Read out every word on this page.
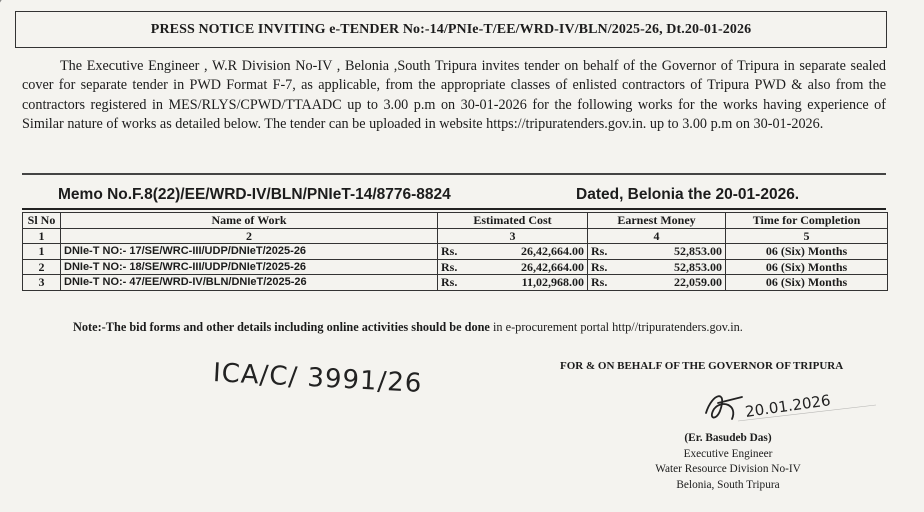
PRESS NOTICE INVITING e-TENDER No:-14/PNIe-T/EE/WRD-IV/BLN/2025-26, Dt.20-01-2026
The Executive Engineer , W.R Division No-IV , Belonia ,South Tripura invites tender on behalf of the Governor of Tripura in separate sealed cover for separate tender in PWD Format F-7, as applicable, from the appropriate classes of enlisted contractors of Tripura PWD & also from the contractors registered in MES/RLYS/CPWD/TTAADC up to 3.00 p.m on 30-01-2026 for the following works for the works having experience of Similar nature of works as detailed below. The tender can be uploaded in website https://tripuratenders.gov.in. up to 3.00 p.m on 30-01-2026.
Memo No.F.8(22)/EE/WRD-IV/BLN/PNIeT-14/8776-8824	Dated, Belonia the 20-01-2026.
Sl No	Name of Work	Estimated Cost		Earnest Money		Time for Completion
1	2	3		4		5
1	DNIe-T NO:- 17/SE/WRC-III/UDP/DNIeT/2025-26	Rs.	26,42,664.00	Rs.	52,853.00	06 (Six) Months
2	DNIe-T NO:- 18/SE/WRC-III/UDP/DNIeT/2025-26	Rs.	26,42,664.00	Rs.	52,853.00	06 (Six) Months
3	DNIe-T NO:- 47/EE/WRD-IV/BLN/DNIeT/2025-26	Rs.	11,02,968.00	Rs.	22,059.00	06 (Six) Months
Note:-The bid forms and other details including online activities should be done in e-procurement portal http//tripuratenders.gov.in.
ICA/C/ 3991/26	FOR & ON BEHALF OF THE GOVERNOR OF TRIPURA
20.01.2026
(Er. Basudeb Das)
Executive Engineer
Water Resource Division No-IV
Belonia, South Tripura
